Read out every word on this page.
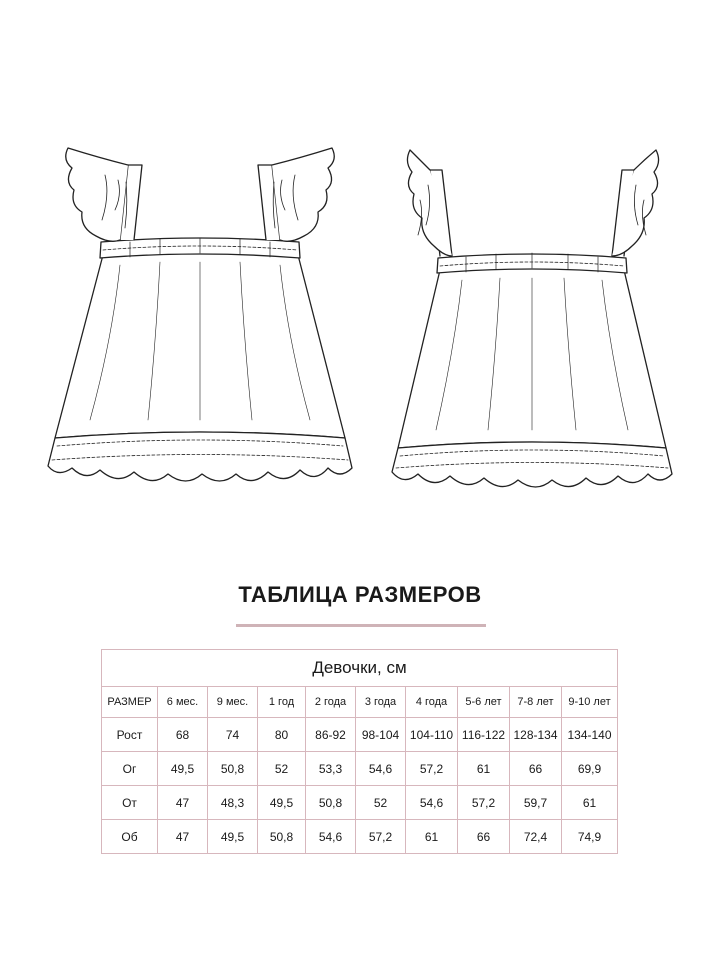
ТАБЛИЦА РАЗМЕРОВ
Девочки, см									
РАЗМЕР	6 мес.	9 мес.	1 год	2 года	3 года	4 года	5-6 лет	7-8 лет	9-10 лет
Рост	68	74	80	86-92	98-104	104-110	116-122	128-134	134-140
Ог	49,5	50,8	52	53,3	54,6	57,2	61	66	69,9
От	47	48,3	49,5	50,8	52	54,6	57,2	59,7	61
Об	47	49,5	50,8	54,6	57,2	61	66	72,4	74,9
